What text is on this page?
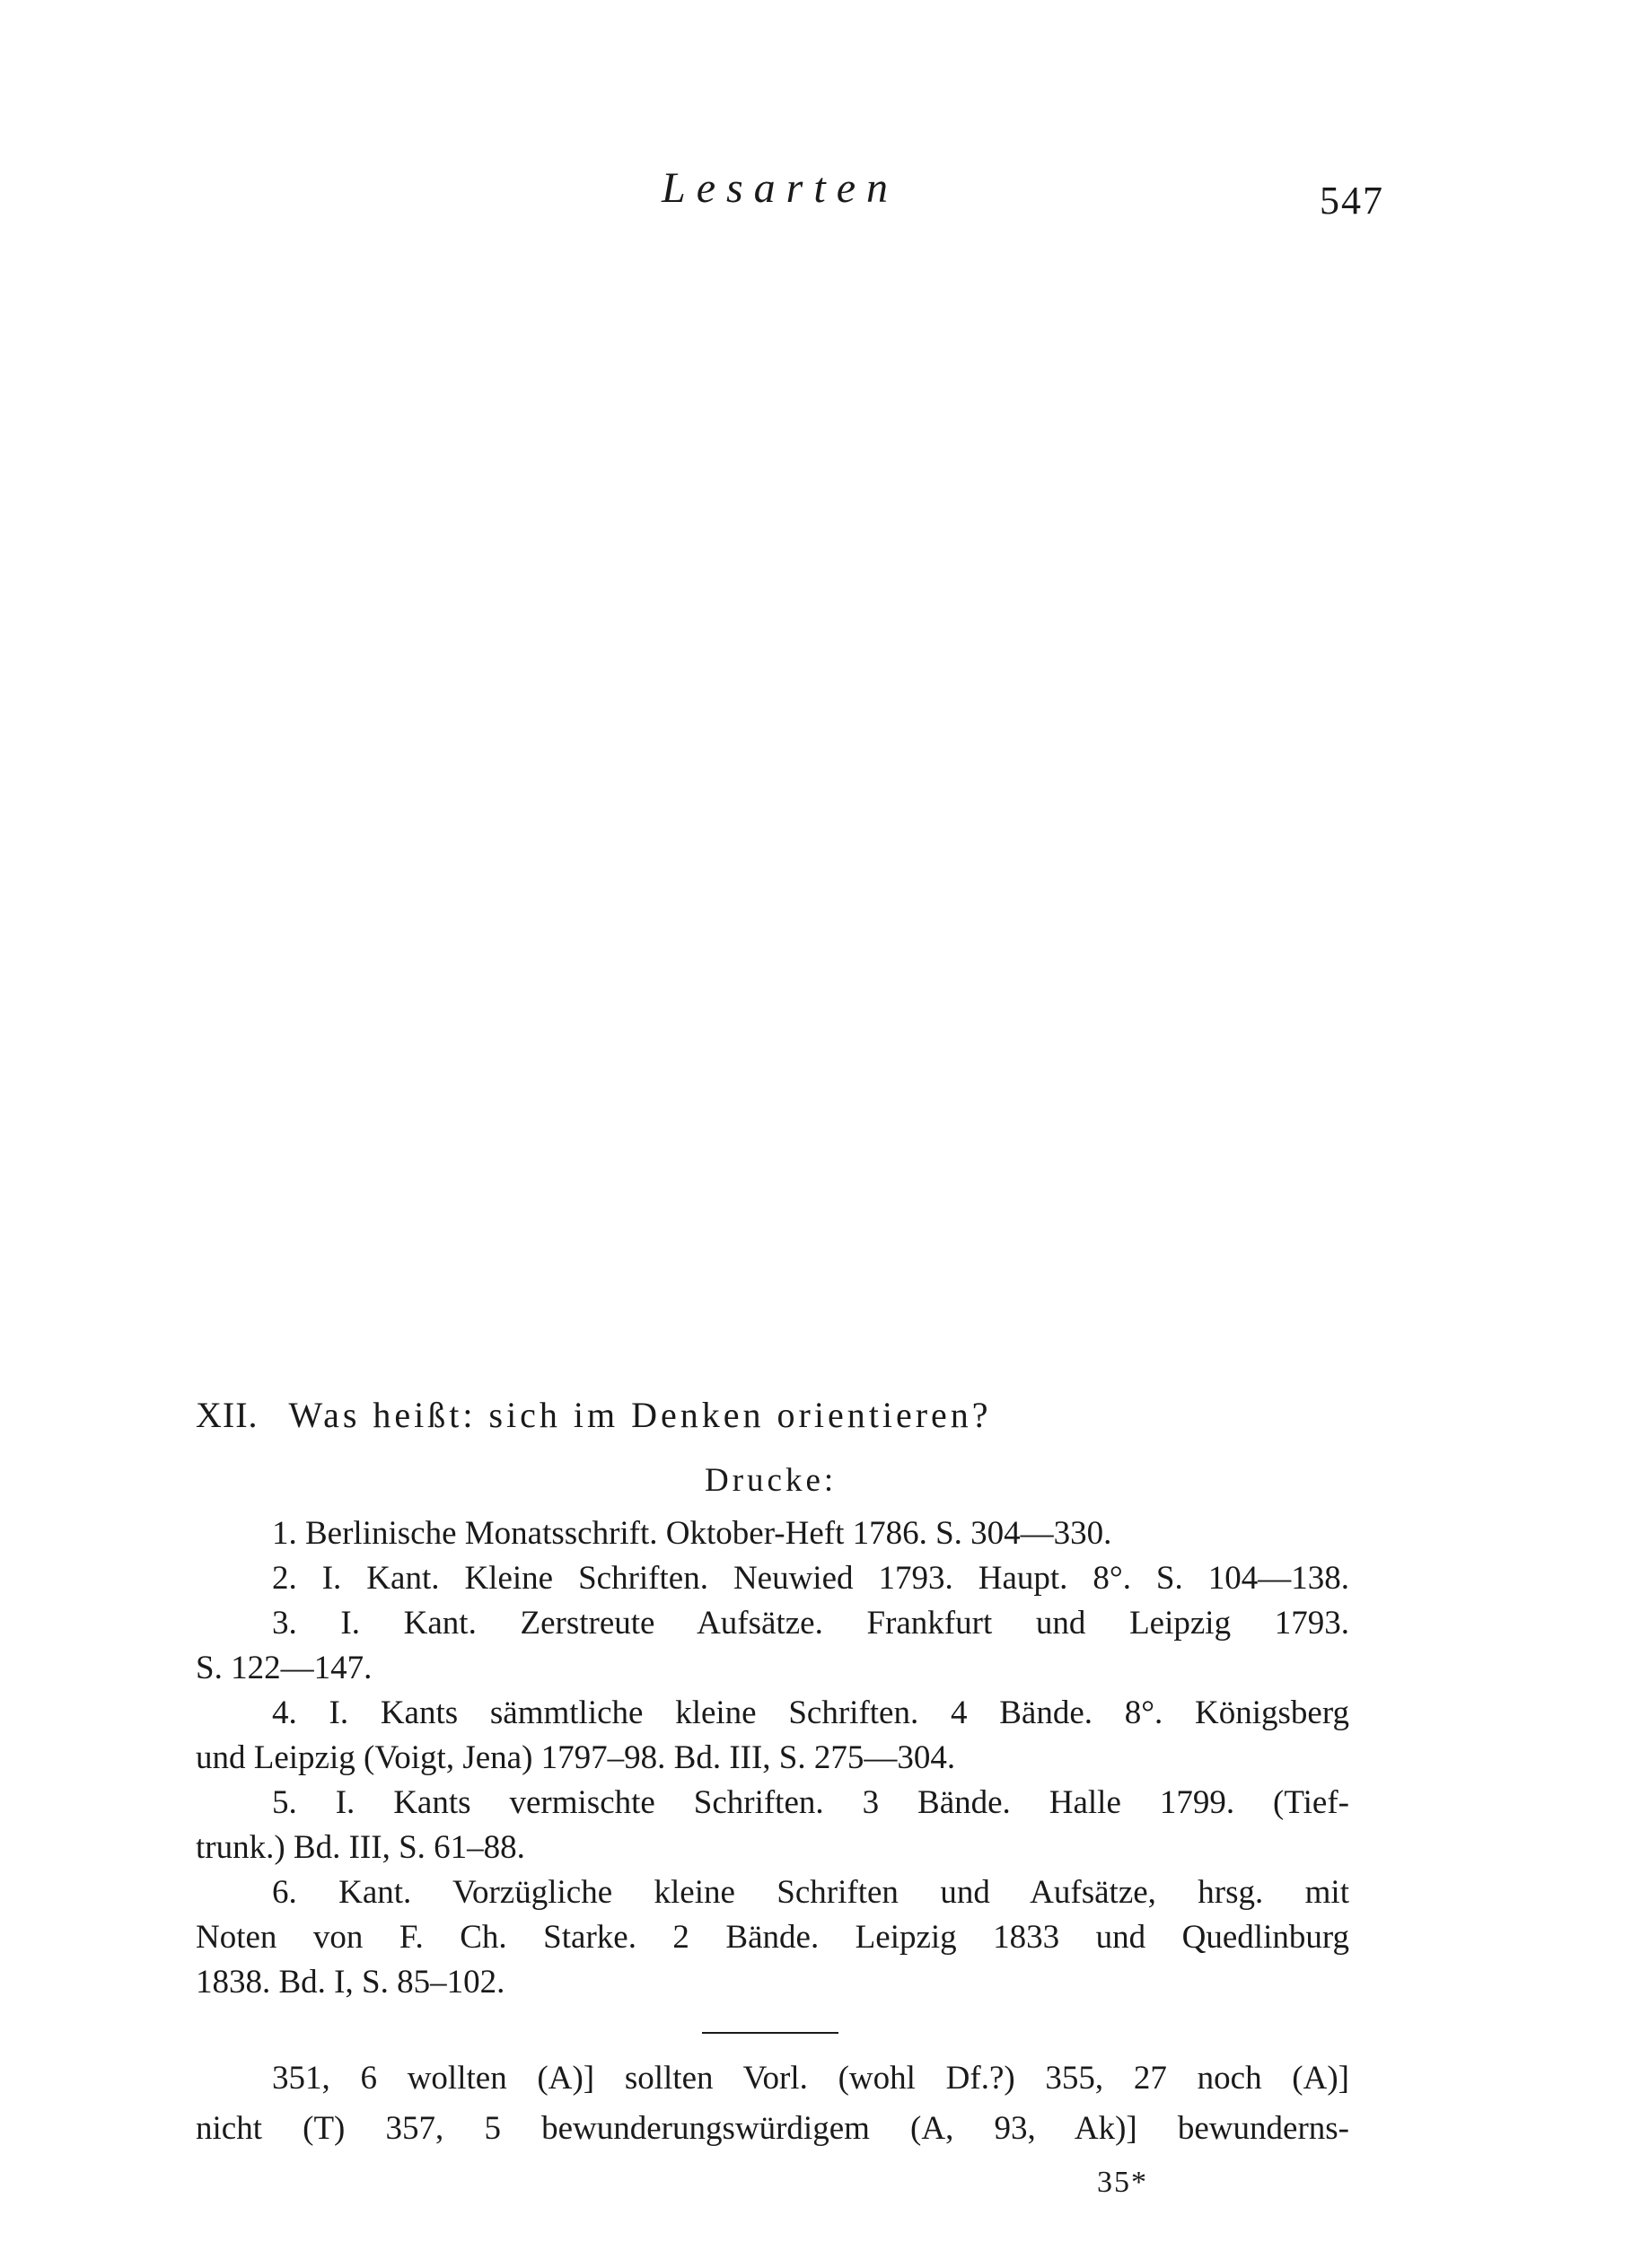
Lesarten	547
XII. Was heißt: sich im Denken orientieren?
Drucke:
1. Berlinische Monatsschrift. Oktober-Heft 1786. S. 304—330.
2. I. Kant. Kleine Schriften. Neuwied 1793. Haupt. 8°. S. 104—138.
3. I. Kant. Zerstreute Aufsätze. Frankfurt und Leipzig 1793.
S. 122—147.
4. I. Kants sämmtliche kleine Schriften. 4 Bände. 8°. Königsberg
und Leipzig (Voigt, Jena) 1797–98. Bd. III, S. 275—304.
5. I. Kants vermischte Schriften. 3 Bände. Halle 1799. (Tief-
trunk.) Bd. III, S. 61–88.
6. Kant. Vorzügliche kleine Schriften und Aufsätze, hrsg. mit
Noten von F. Ch. Starke. 2 Bände. Leipzig 1833 und Quedlinburg
1838. Bd. I, S. 85–102.
351, 6 wollten (A)] sollten Vorl. (wohl Df.?) 355, 27 noch (A)]
nicht (T) 357, 5 bewunderungswürdigem (A, 93, Ak)] bewunderns-
35*
